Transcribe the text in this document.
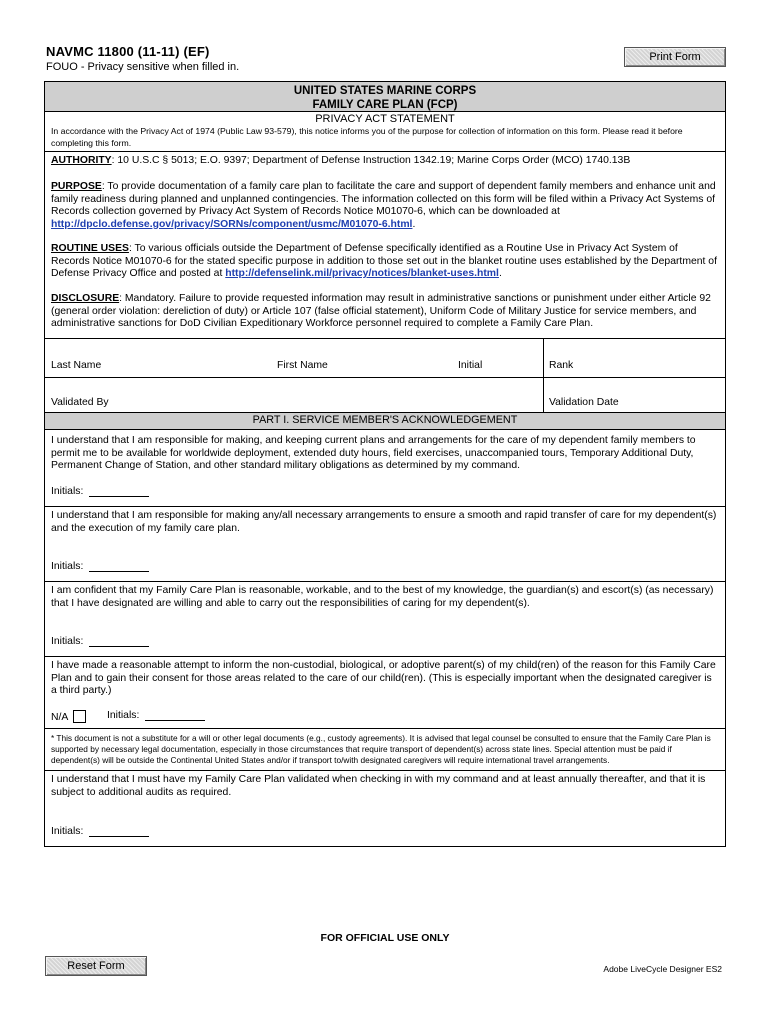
NAVMC 11800 (11-11) (EF)
FOUO - Privacy sensitive when filled in.
Print Form
UNITED STATES MARINE CORPS
FAMILY CARE PLAN (FCP)
PRIVACY ACT STATEMENT
In accordance with the Privacy Act of 1974 (Public Law 93-579), this notice informs you of the purpose for collection of information on this form. Please read it before completing this form.
AUTHORITY: 10 U.S.C § 5013; E.O. 9397; Department of Defense Instruction 1342.19; Marine Corps Order (MCO) 1740.13B
PURPOSE: To provide documentation of a family care plan to facilitate the care and support of dependent family members and enhance unit and family readiness during planned and unplanned contingencies. The information collected on this form will be filed within a Privacy Act Systems of Records collection governed by Privacy Act System of Records Notice M01070-6, which can be downloaded at http://dpclo.defense.gov/privacy/SORNs/component/usmc/M01070-6.html.
ROUTINE USES: To various officials outside the Department of Defense specifically identified as a Routine Use in Privacy Act System of Records Notice M01070-6 for the stated specific purpose in addition to those set out in the blanket routine uses established by the Department of Defense Privacy Office and posted at http://defenselink.mil/privacy/notices/blanket-uses.html.
DISCLOSURE: Mandatory. Failure to provide requested information may result in administrative sanctions or punishment under either Article 92 (general order violation: dereliction of duty) or Article 107 (false official statement), Uniform Code of Military Justice for service members, and administrative sanctions for DoD Civilian Expeditionary Workforce personnel required to complete a Family Care Plan.
Last Name	First Name	Initial	Rank
Validated By	Validation Date
PART I. SERVICE MEMBER'S ACKNOWLEDGEMENT
I understand that I am responsible for making, and keeping current plans and arrangements for the care of my dependent family members to permit me to be available for worldwide deployment, extended duty hours, field exercises, unaccompanied tours, Temporary Additional Duty, Permanent Change of Station, and other standard military obligations as determined by my command.
Initials:
I understand that I am responsible for making any/all necessary arrangements to ensure a smooth and rapid transfer of care for my dependent(s) and the execution of my family care plan.
Initials:
I am confident that my Family Care Plan is reasonable, workable, and to the best of my knowledge, the guardian(s) and escort(s) (as necessary) that I have designated are willing and able to carry out the responsibilities of caring for my dependent(s).
Initials:
I have made a reasonable attempt to inform the non-custodial, biological, or adoptive parent(s) of my child(ren) of the reason for this Family Care Plan and to gain their consent for those areas related to the care of our child(ren). (This is especially important when the designated caregiver is a third party.)
N/A	Initials:
* This document is not a substitute for a will or other legal documents (e.g., custody agreements). It is advised that legal counsel be consulted to ensure that the Family Care Plan is supported by necessary legal documentation, especially in those circumstances that require transport of dependent(s) across state lines. Special attention must be paid if dependent(s) will be outside the Continental United States and/or if transport to/with designated caregivers will require international travel arrangements.
I understand that I must have my Family Care Plan validated when checking in with my command and at least annually thereafter, and that it is subject to additional audits as required.
Initials:
FOR OFFICIAL USE ONLY
Reset Form	Adobe LiveCycle Designer ES2
